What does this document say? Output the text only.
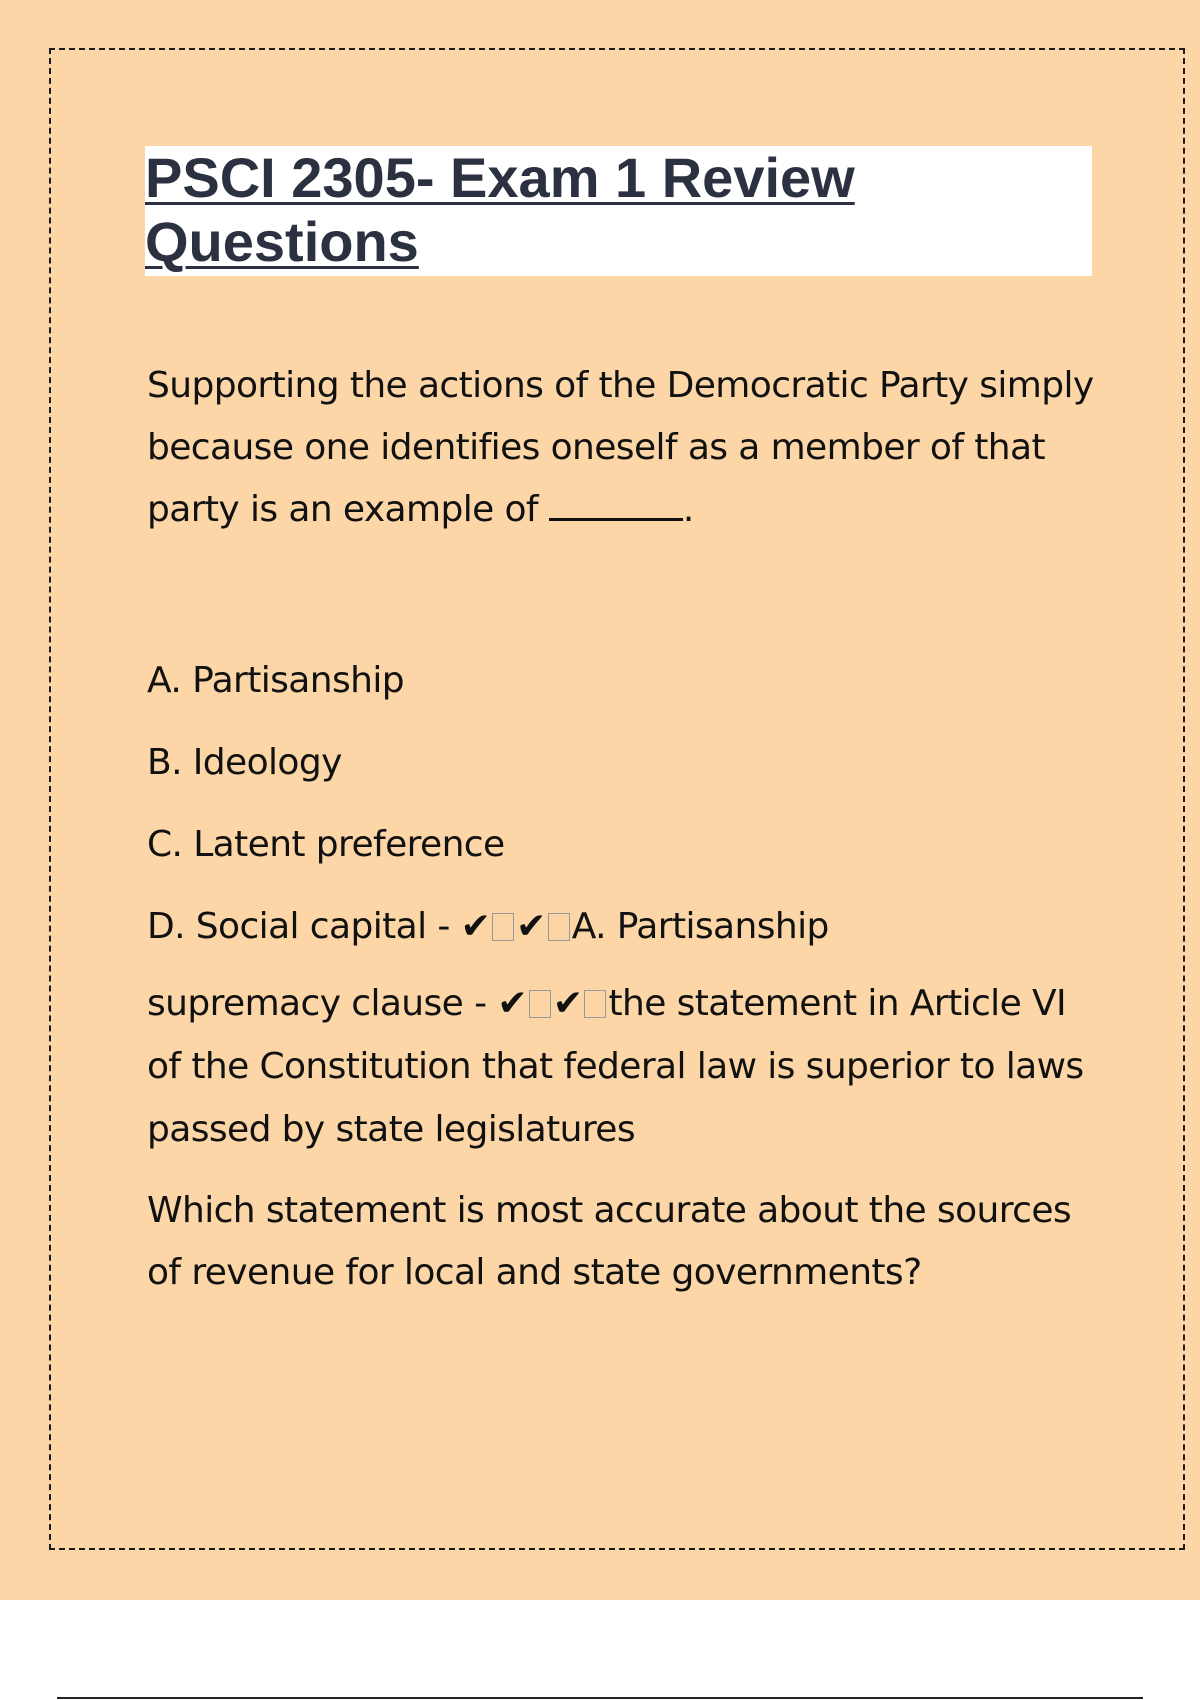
PSCI 2305- Exam 1 Review Questions
Supporting the actions of the Democratic Party simply because one identifies oneself as a member of that party is an example of	.
A. Partisanship
B. Ideology
C. Latent preference
D. Social capital - ✔ ✔ A. Partisanship
supremacy clause - ✔ ✔ the statement in Article VI of the Constitution that federal law is superior to laws passed by state legislatures
Which statement is most accurate about the sources of revenue for local and state governments?
